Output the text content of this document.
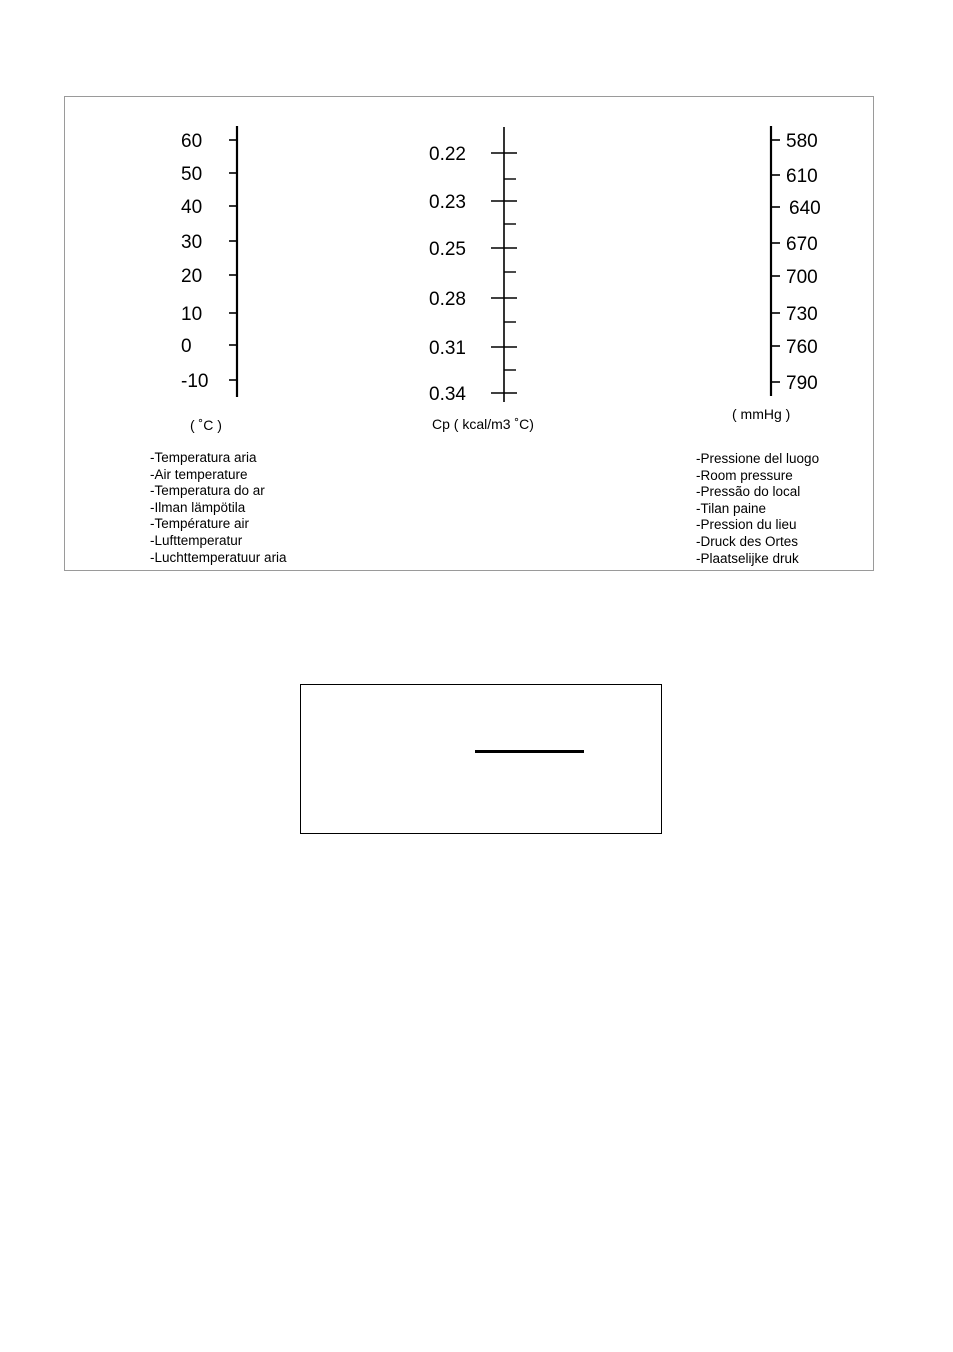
60
50
40
30
20
10
0
-10
( ˚C )
0.22
0.23
0.25
0.28
0.31
0.34
Cp ( kcal/m3 ˚C)
580
610
640
670
700
730
760
790
( mmHg )
-Temperatura aria
-Air temperature
-Temperatura do ar
-Ilman lämpötila
-Température air
-Lufttemperatur
-Luchttemperatuur aria
-Pressione del luogo
-Room pressure
-Pressão do local
-Tilan paine
-Pression du lieu
-Druck des Ortes
-Plaatselijke druk
